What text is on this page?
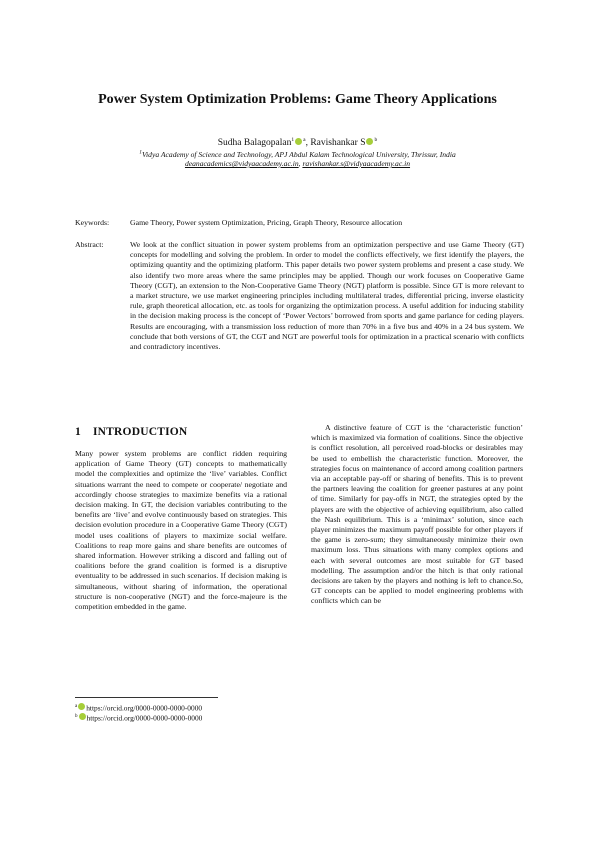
Power System Optimization Problems: Game Theory Applications
Sudha Balagopalan$^1$ $^a$, Ravishankar S $^b$
$^1$Vidya Academy of Science and Technology, APJ Abdul Kalam Technological University, Thrissur, India
deanacademics@vidyaacademy.ac.in, ravishankar.s@vidyaacademy.ac.in
Keywords:	Game Theory, Power system Optimization, Pricing, Graph Theory, Resource allocation
Abstract:	We look at the conflict situation in power system problems from an optimization perspective and use Game Theory (GT) concepts for modelling and solving the problem. In order to model the conflicts effectively, we first identify the players, the optimizing quantity and the optimizing platform. This paper details two power system problems and present a case study. We also identify two more areas where the same principles may be applied. Though our work focuses on Cooperative Game Theory (CGT), an extension to the Non-Cooperative Game Theory (NGT) platform is possible. Since GT is more relevant to a market structure, we use market engineering principles including multilateral trades, differential pricing, inverse elasticity rule, graph theoretical allocation, etc. as tools for organizing the optimization process. A useful addition for inducing stability in the decision making process is the concept of ‘Power Vectors’ borrowed from sports and game parlance for ceding players. Results are encouraging, with a transmission loss reduction of more than 70% in a five bus and 40% in a 24 bus system. We conclude that both versions of GT, the CGT and NGT are powerful tools for optimization in a practical scenario with conflicts and contradictory incentives.
1 INTRODUCTION

Many power system problems are conflict ridden requiring application of Game Theory (GT) concepts to mathematically model the complexities and optimize the ‘live’ variables. Conflict situations warrant the need to compete or cooperate/ negotiate and accordingly choose strategies to maximize benefits via a rational decision making. In GT, the decision variables contributing to the benefits are ‘live’ and evolve continuously based on strategies. This decision evolution procedure in a Cooperative Game Theory (CGT) model uses coalitions of players to maximize social welfare. Coalitions to reap more gains and share benefits are outcomes of shared information. However striking a discord and falling out of coalitions before the grand coalition is formed is a disruptive eventuality to be addressed in such scenarios. If decision making is simultaneous, without sharing of information, the operational structure is non-cooperative (NGT) and the force-majeure is the competition embedded in the game.

A distinctive feature of CGT is the ‘characteristic function’ which is maximized via formation of coalitions. Since the objective is conflict resolution, all perceived road-blocks or desirables may be used to embellish the characteristic function. Moreover, the strategies focus on maintenance of accord among coalition partners via an acceptable pay-off or sharing of benefits. This is to prevent the partners leaving the coalition for greener pastures at any point of time. Similarly for pay-offs in NGT, the strategies opted by the players are with the objective of achieving equilibrium, also called the Nash equilibrium. This is a ‘minimax’ solution, since each player minimizes the maximum payoff possible for other players if the game is zero-sum; they simultaneously minimize their own maximum loss. Thus situations with many complex options and each with several outcomes are most suitable for GT based modelling. The assumption and/or the hitch is that only rational decisions are taken by the players and nothing is left to chance.So, GT concepts can be applied to model engineering problems with conflicts which can be

$^a$ https://orcid.org/0000-0000-0000-0000
$^b$ https://orcid.org/0000-0000-0000-0000
